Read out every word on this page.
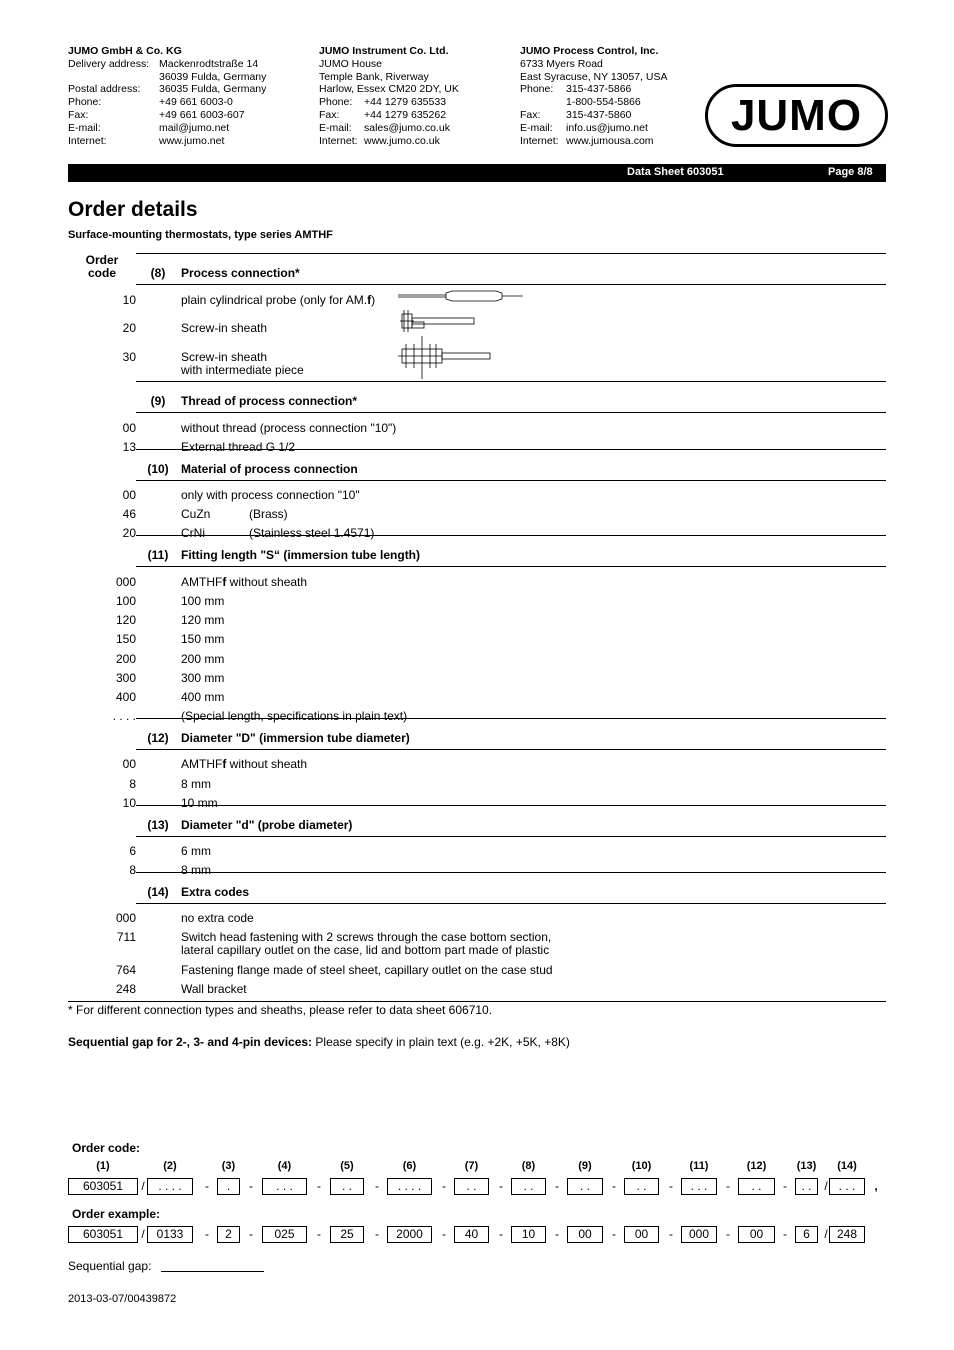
JUMO GmbH & Co. KG
Delivery address: Mackenrodtstraße 14
36039 Fulda, Germany
Postal address:	36035 Fulda, Germany
Phone:	+49 661 6003-0
Fax:	+49 661 6003-607
E-mail:	mail@jumo.net
Internet:	www.jumo.net
JUMO Instrument Co. Ltd.
JUMO House
Temple Bank, Riverway
Harlow, Essex CM20 2DY, UK
Phone:	+44 1279 635533
Fax:	+44 1279 635262
E-mail:	sales@jumo.co.uk
Internet: www.jumo.co.uk
JUMO Process Control, Inc.
6733 Myers Road
East Syracuse, NY 13057, USA
Phone:	315-437-5866
1-800-554-5866
Fax:	315-437-5860
E-mail:	info.us@jumo.net
Internet: www.jumousa.com
JUMO
Data Sheet 603051	Page 8/8
Order details
Surface-mounting thermostats, type series AMTHF
Order
code	(8)	Process connection*
10	plain cylindrical probe (only for AM.f)
20	Screw-in sheath
30	Screw-in sheath
with intermediate piece
(9)	Thread of process connection*
00	without thread (process connection "10")
13	External thread G 1/2
(10)	Material of process connection
00	only with process connection "10"
46	CuZn	(Brass)
20	CrNi	(Stainless steel 1.4571)
(11)	Fitting length "S“ (immersion tube length)
000	AMTHFf without sheath
100	100 mm
120	120 mm
150	150 mm
200	200 mm
300	300 mm
400	400 mm
. . . .	(Special length, specifications in plain text)
(12)	Diameter "D" (immersion tube diameter)
00	AMTHFf without sheath
8	8 mm
10	10 mm
(13)	Diameter "d" (probe diameter)
6	6 mm
8	8 mm
(14)	Extra codes
000	no extra code
711	Switch head fastening with 2 screws through the case bottom section,
lateral capillary outlet on the case, lid and bottom part made of plastic
764	Fastening flange made of steel sheet, capillary outlet on the case stud
248	Wall bracket
* For different connection types and sheaths, please refer to data sheet 606710.
Sequential gap for 2-, 3- and 4-pin devices: Please specify in plain text (e.g. +2K, +5K, +8K)
Order code:
(1)	(2)	(3)	(4)	(5)	(6)	(7)	(8)	(9)	(10)	(11)	(12)	(13)	(14)
603051	. . . .	.	. . .	. .	. . . .	. .	. .	. .	. .	. . .	. .	. .	. . .
/	-	-	-	-	-	-	-	-	-	-	-	/	,
Order example:
603051	0133	2	025	25	2000	40	10	00	00	000	00	6	248
/	-	-	-	-	-	-	-	-	-	-	-	/
Sequential gap:
2013-03-07/00439872
